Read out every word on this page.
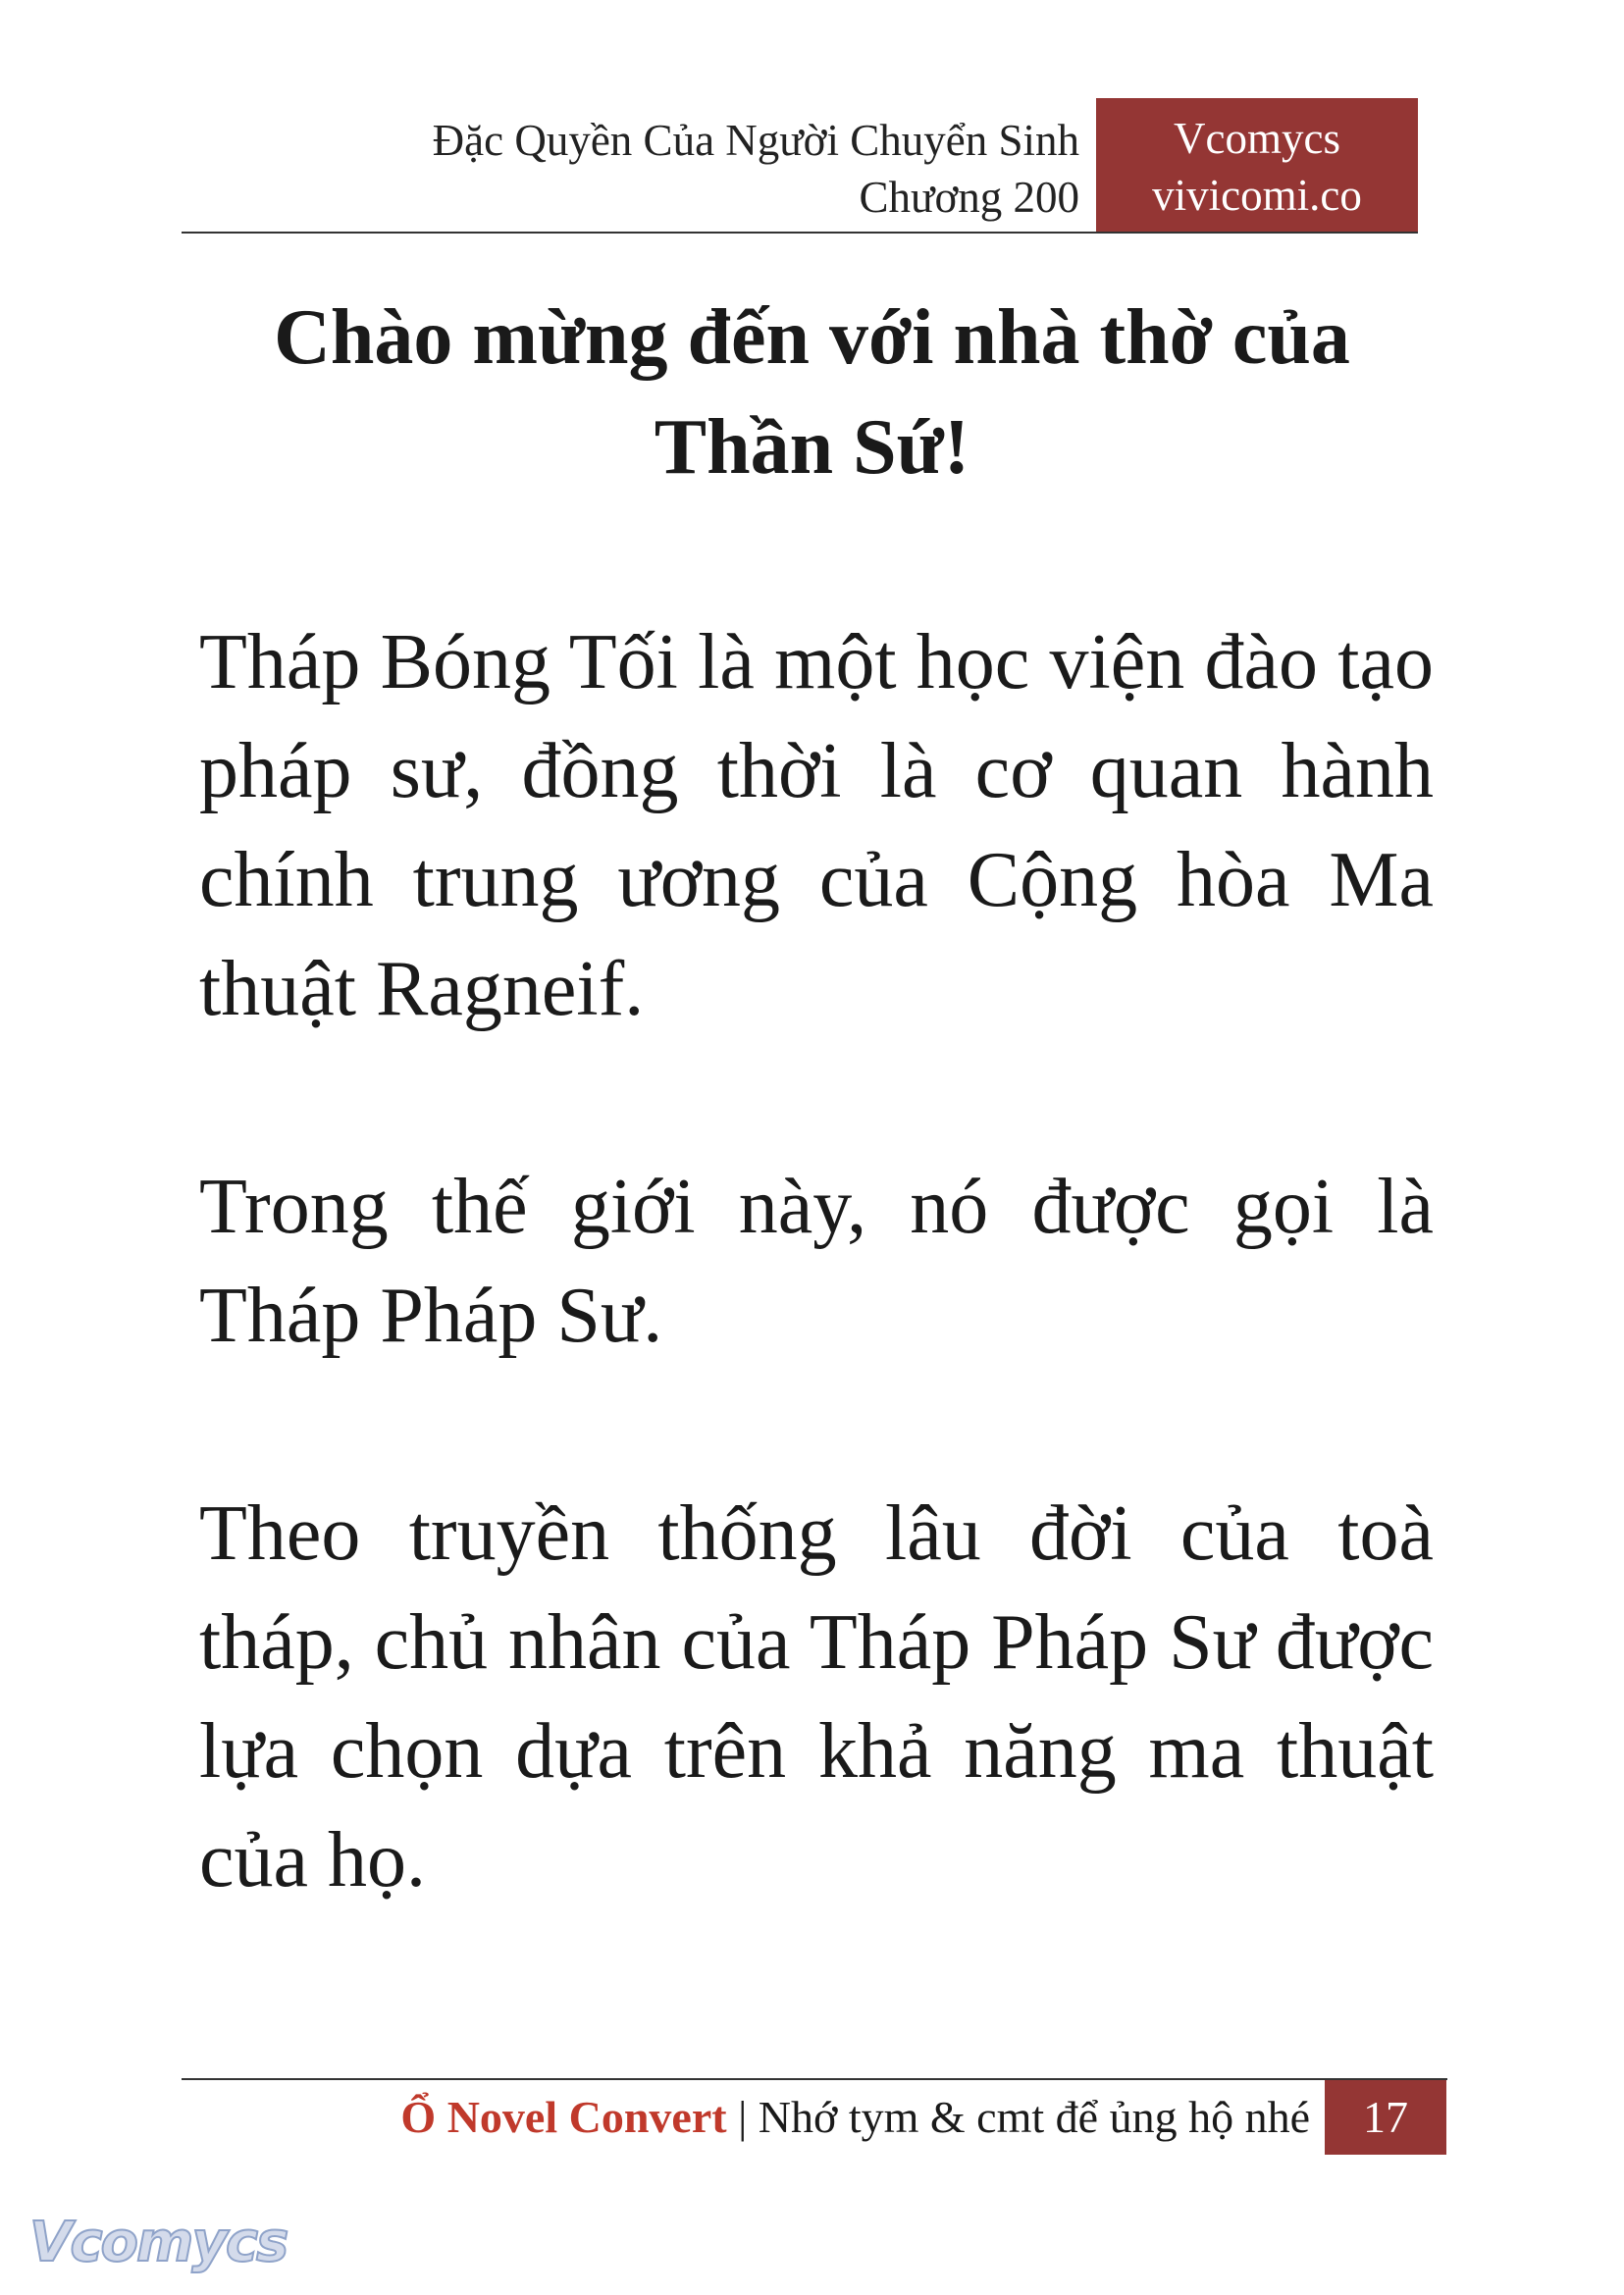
Đặc Quyền Của Người Chuyển Sinh
Chương 200
Vcomycs
vivicomi.co
Chào mừng đến với nhà thờ của
Thần Sứ!

Tháp Bóng Tối là một học viện đào tạo pháp sư, đồng thời là cơ quan hành chính trung ương của Cộng hòa Ma thuật Ragneif.

Trong thế giới này, nó được gọi là Tháp Pháp Sư.

Theo truyền thống lâu đời của toà tháp, chủ nhân của Tháp Pháp Sư được lựa chọn dựa trên khả năng ma thuật của họ.

Ổ Novel Convert | Nhớ tym & cmt để ủng hộ nhé	17
Vcomycs
